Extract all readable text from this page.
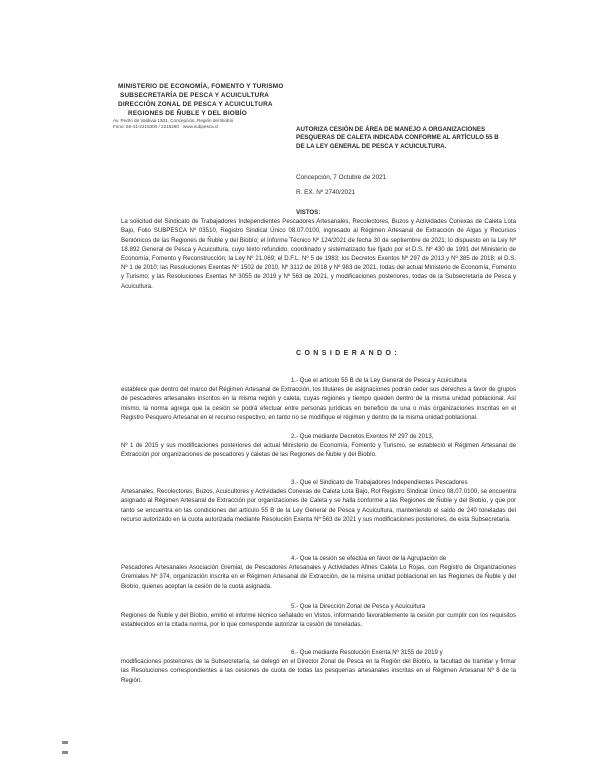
MINISTERIO DE ECONOMÍA, FOMENTO Y TURISMO
SUBSECRETARÍA DE PESCA Y ACUICULTURA
DIRECCIÓN ZONAL DE PESCA Y ACUICULTURA
REGIONES DE ÑUBLE Y DEL BIOBÍO
Av. Pedro de Valdivia 1501, Concepción, Región del Biobío
Fono: 56-41-2215300 / 2215290 · www.subpesca.cl	AUTORIZA CESIÓN DE ÁREA DE MANEJO A ORGANIZACIONES PESQUERAS DE CALETA INDICADA CONFORME AL ARTÍCULO 55 B DE LA LEY GENERAL DE PESCA Y ACUICULTURA.
Concepción, 7 Octubre de 2021
R. EX. Nº 2740/2021

VISTOS:
La solicitud del Sindicato de Trabajadores Independientes Pescadores Artesanales, Recolectores, Buzos y Actividades Conexas de Caleta Lota Bajo, Folio SUBPESCA Nº 03510, Registro Sindical Único 08.07.0100, ingresado al Régimen Artesanal de Extracción de Algas y Recursos Bentónicos de las Regiones de Ñuble y del Biobío; el Informe Técnico Nº 124/2021 de fecha 30 de septiembre de 2021; lo dispuesto en la Ley Nº 18.892 General de Pesca y Acuicultura, cuyo texto refundido, coordinado y sistematizado fue fijado por el D.S. Nº 430 de 1991 del Ministerio de Economía, Fomento y Reconstrucción; la Ley Nº 21.069; el D.F.L. Nº 5 de 1983; los Decretos Exentos Nº 297 de 2013 y Nº 385 de 2018; el D.S. Nº 1 de 2010; las Resoluciones Exentas Nº 1502 de 2010, Nº 3112 de 2018 y Nº 983 de 2021, todas del actual Ministerio de Economía, Fomento y Turismo; y las Resoluciones Exentas Nº 3055 de 2019 y Nº 563 de 2021, y modificaciones posteriores, todas de la Subsecretaría de Pesca y Acuicultura.

CONSIDERANDO:

1.- Que el artículo 55 B de la Ley General de Pesca y Acuicultura
establece que dentro del marco del Régimen Artesanal de Extracción, los titulares de asignaciones podrán ceder sus derechos a favor de grupos de pescadores artesanales inscritos en la misma región y caleta, cuyas regiones y tiempo queden dentro de la misma unidad poblacional. Así mismo, la norma agrega que la cesión se podrá efectuar entre personas jurídicas en beneficio de una o más organizaciones inscritas en el Registro Pesquero Artesanal en el recurso respectivo, en tanto no se modifique el régimen y dentro de la misma unidad poblacional.

2.- Que mediante Decretos Exentos Nº 297 de 2013,
Nº 1 de 2015 y sus modificaciones posteriores del actual Ministerio de Economía, Fomento y Turismo, se estableció el Régimen Artesanal de Extracción por organizaciones de pescadores y caletas de las Regiones de Ñuble y del Biobío.

3.- Que el Sindicato de Trabajadores Independientes Pescadores
Artesanales, Recolectores, Buzos, Acuicultores y Actividades Conexas de Caleta Lota Bajo, Rol Registro Sindical Único 08.07.0100, se encuentra asignado al Régimen Artesanal de Extracción por organizaciones de Caleta y se halla conforme a las Regiones de Ñuble y del Biobío, y que por tanto se encuentra en las condiciones del artículo 55 B de la Ley General de Pesca y Acuicultura, manteniendo el saldo de 240 toneladas del recurso autorizado en la cuota autorizada mediante Resolución Exenta Nº 563 de 2021 y sus modificaciones posteriores, de esta Subsecretaría.

4.- Que la cesión se efectúa en favor de la Agrupación de
Pescadores Artesanales Asociación Gremial, de Pescadores Artesanales y Actividades Afines Caleta Lo Rojas, con Registro de Organizaciones Gremiales Nº 374, organización inscrita en el Régimen Artesanal de Extracción, de la misma unidad poblacional en las Regiones de Ñuble y del Biobío, quienes aceptan la cesión de la cuota asignada.

5.- Que la Dirección Zonal de Pesca y Acuicultura
Regiones de Ñuble y del Biobío, emitió el informe técnico señalado en Vistos, informando favorablemente la cesión por cumplir con los requisitos establecidos en la citada norma, por lo que corresponde autorizar la cesión de toneladas.

6.- Que mediante Resolución Exenta Nº 3155 de 2019 y
modificaciones posteriores de la Subsecretaría, se delegó en el Director Zonal de Pesca en la Región del Biobío, la facultad de tramitar y firmar las Resoluciones correspondientes a las cesiones de cuota de todas las pesquerías artesanales inscritas en el Régimen Artesanal Nº 8 de la Región.
